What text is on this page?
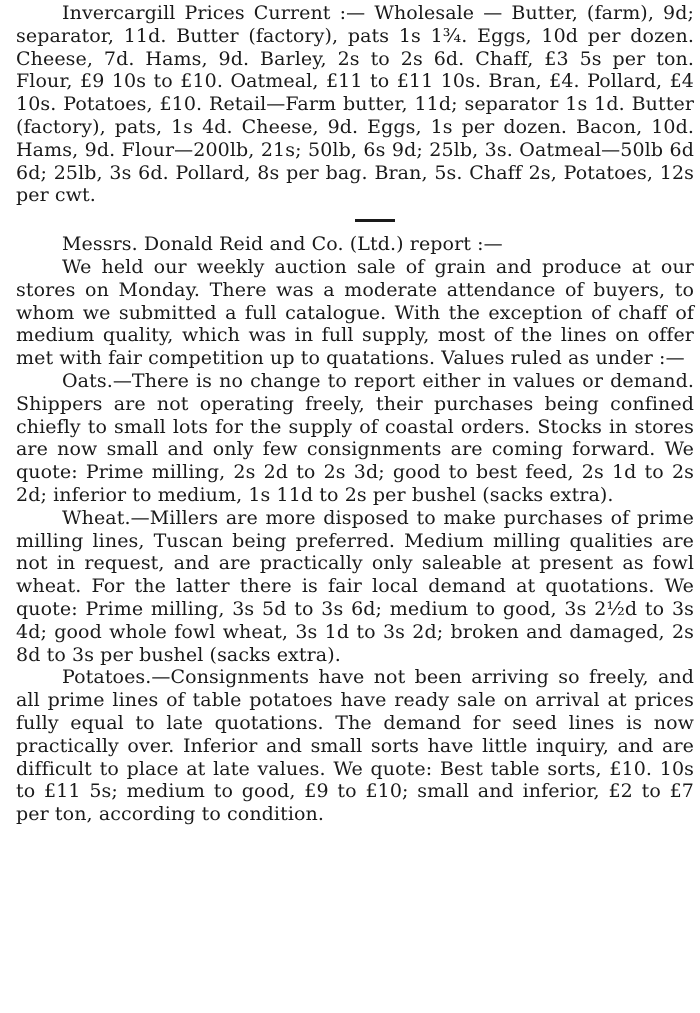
Invercargill Prices Current :— Wholesale — Butter, (farm), 9d; separator, 11d. Butter (factory), pats 1s 1¾. Eggs, 10d per dozen. Cheese, 7d. Hams, 9d. Barley, 2s to 2s 6d. Chaff, £3 5s per ton. Flour, £9 10s to £10. Oatmeal, £11 to £11 10s. Bran, £4. Pollard, £4 10s. Potatoes, £10. Retail—Farm butter, 11d; separator 1s 1d. Butter (factory), pats, 1s 4d. Cheese, 9d. Eggs, 1s per dozen. Bacon, 10d. Hams, 9d. Flour—200lb, 21s; 50lb, 6s 9d; 25lb, 3s. Oatmeal—50lb 6d 6d; 25lb, 3s 6d. Pollard, 8s per bag. Bran, 5s. Chaff 2s, Potatoes, 12s per cwt.

Messrs. Donald Reid and Co. (Ltd.) report :—

We held our weekly auction sale of grain and produce at our stores on Monday. There was a moderate attendance of buyers, to whom we submitted a full catalogue. With the exception of chaff of medium quality, which was in full supply, most of the lines on offer met with fair competition up to quatations. Values ruled as under :—

Oats.—There is no change to report either in values or demand. Shippers are not operating freely, their purchases being confined chiefly to small lots for the supply of coastal orders. Stocks in stores are now small and only few consignments are coming forward. We quote: Prime milling, 2s 2d to 2s 3d; good to best feed, 2s 1d to 2s 2d; inferior to medium, 1s 11d to 2s per bushel (sacks extra).

Wheat.—Millers are more disposed to make purchases of prime milling lines, Tuscan being preferred. Medium milling qualities are not in request, and are practically only saleable at present as fowl wheat. For the latter there is fair local demand at quotations. We quote: Prime milling, 3s 5d to 3s 6d; medium to good, 3s 2½d to 3s 4d; good whole fowl wheat, 3s 1d to 3s 2d; broken and damaged, 2s 8d to 3s per bushel (sacks extra).

Potatoes.—Consignments have not been arriving so freely, and all prime lines of table potatoes have ready sale on arrival at prices fully equal to late quotations. The demand for seed lines is now practically over. Inferior and small sorts have little inquiry, and are difficult to place at late values. We quote: Best table sorts, £10. 10s to £11 5s; medium to good, £9 to £10; small and inferior, £2 to £7 per ton, according to condition.
